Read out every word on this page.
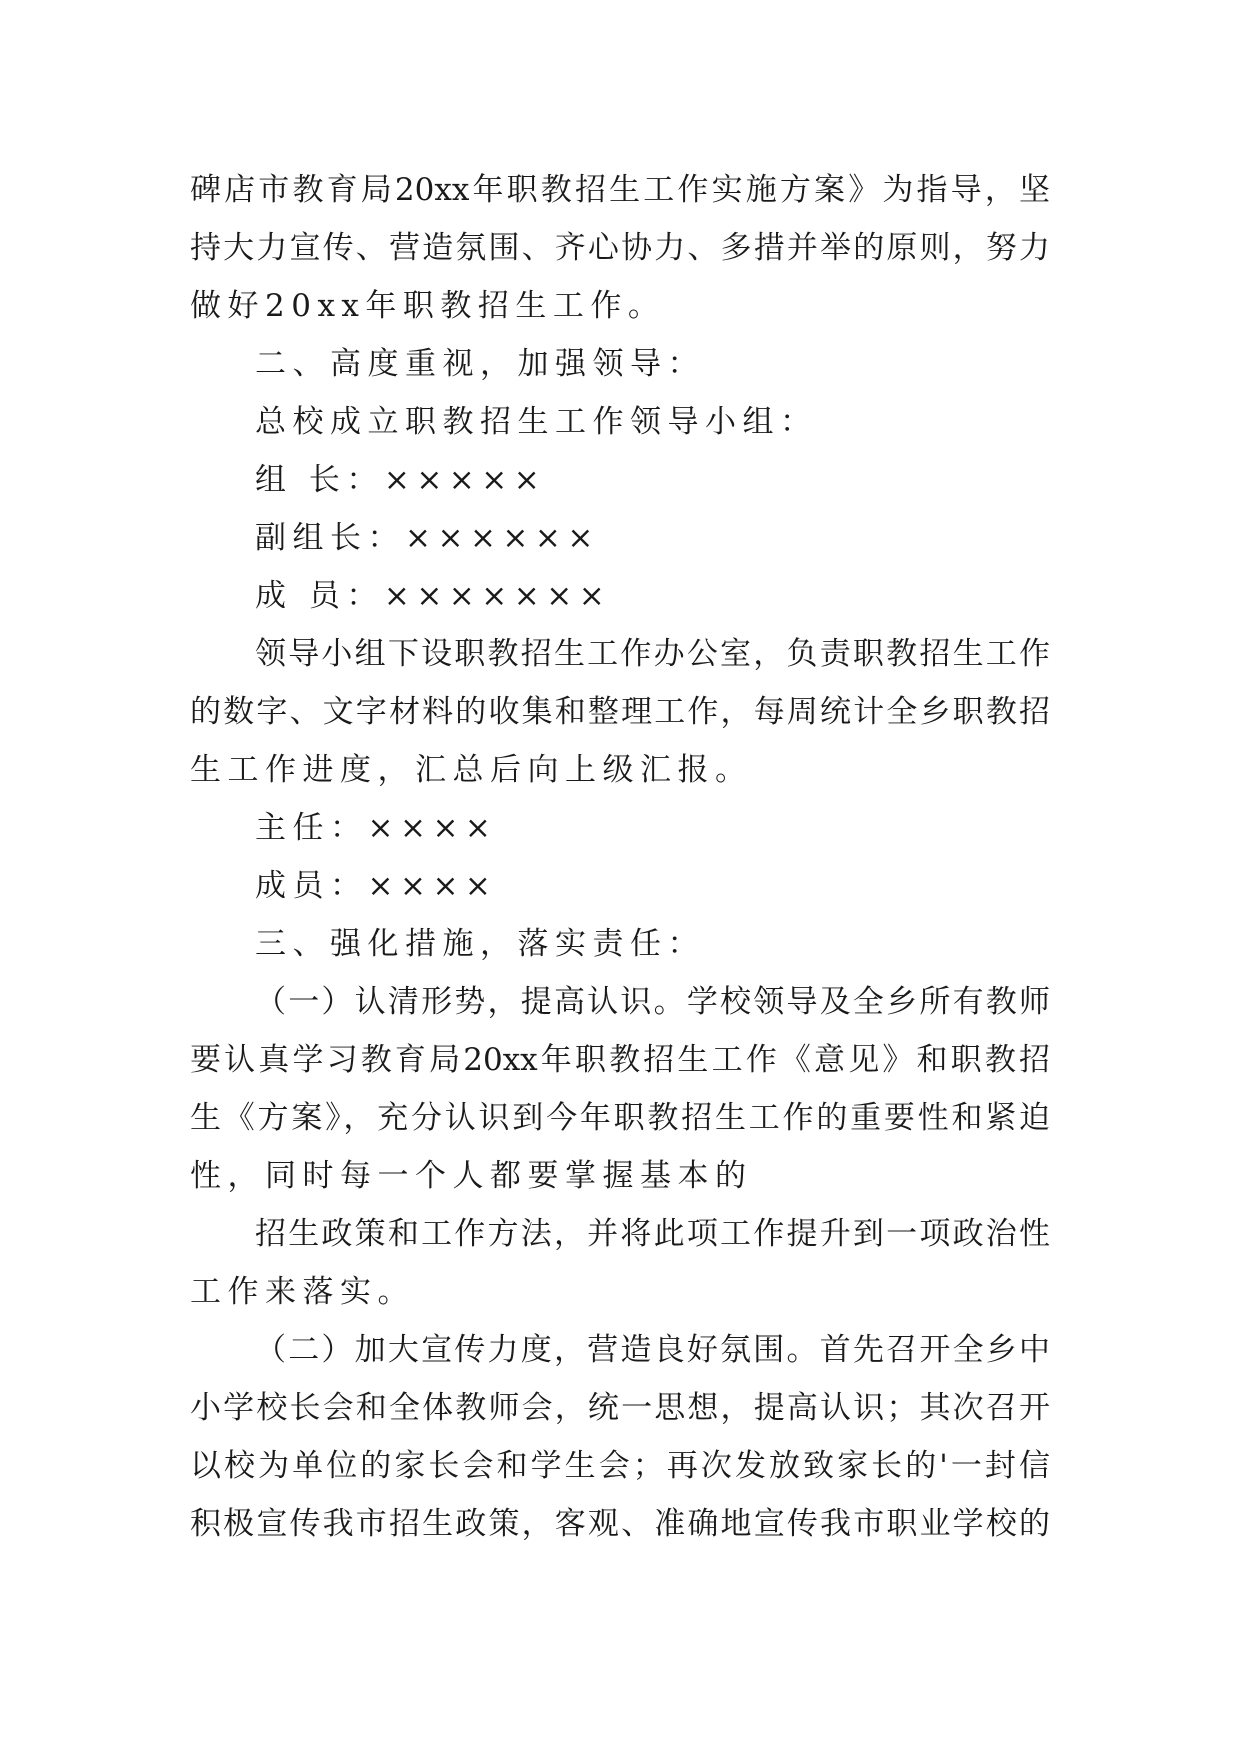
碑店市教育局20xx年职教招生工作实施方案》为指导，坚

持大力宣传、营造氛围、齐心协力、多措并举的原则，努力

做好20xx年职教招生工作。

二、高度重视，加强领导：

总校成立职教招生工作领导小组：

组 长：×××××

副组长：××××××

成 员：×××××××

领导小组下设职教招生工作办公室，负责职教招生工作

的数字、文字材料的收集和整理工作，每周统计全乡职教招

生工作进度，汇总后向上级汇报。

主任：××××

成员：××××

三、强化措施，落实责任：

（一）认清形势，提高认识。学校领导及全乡所有教师

要认真学习教育局20xx年职教招生工作《意见》和职教招

生《方案》，充分认识到今年职教招生工作的重要性和紧迫

性，同时每一个人都要掌握基本的

招生政策和工作方法，并将此项工作提升到一项政治性

工作来落实。

（二）加大宣传力度，营造良好氛围。首先召开全乡中

小学校长会和全体教师会，统一思想，提高认识；其次召开

以校为单位的家长会和学生会；再次发放致家长的'一封信

积极宣传我市招生政策，客观、准确地宣传我市职业学校的
